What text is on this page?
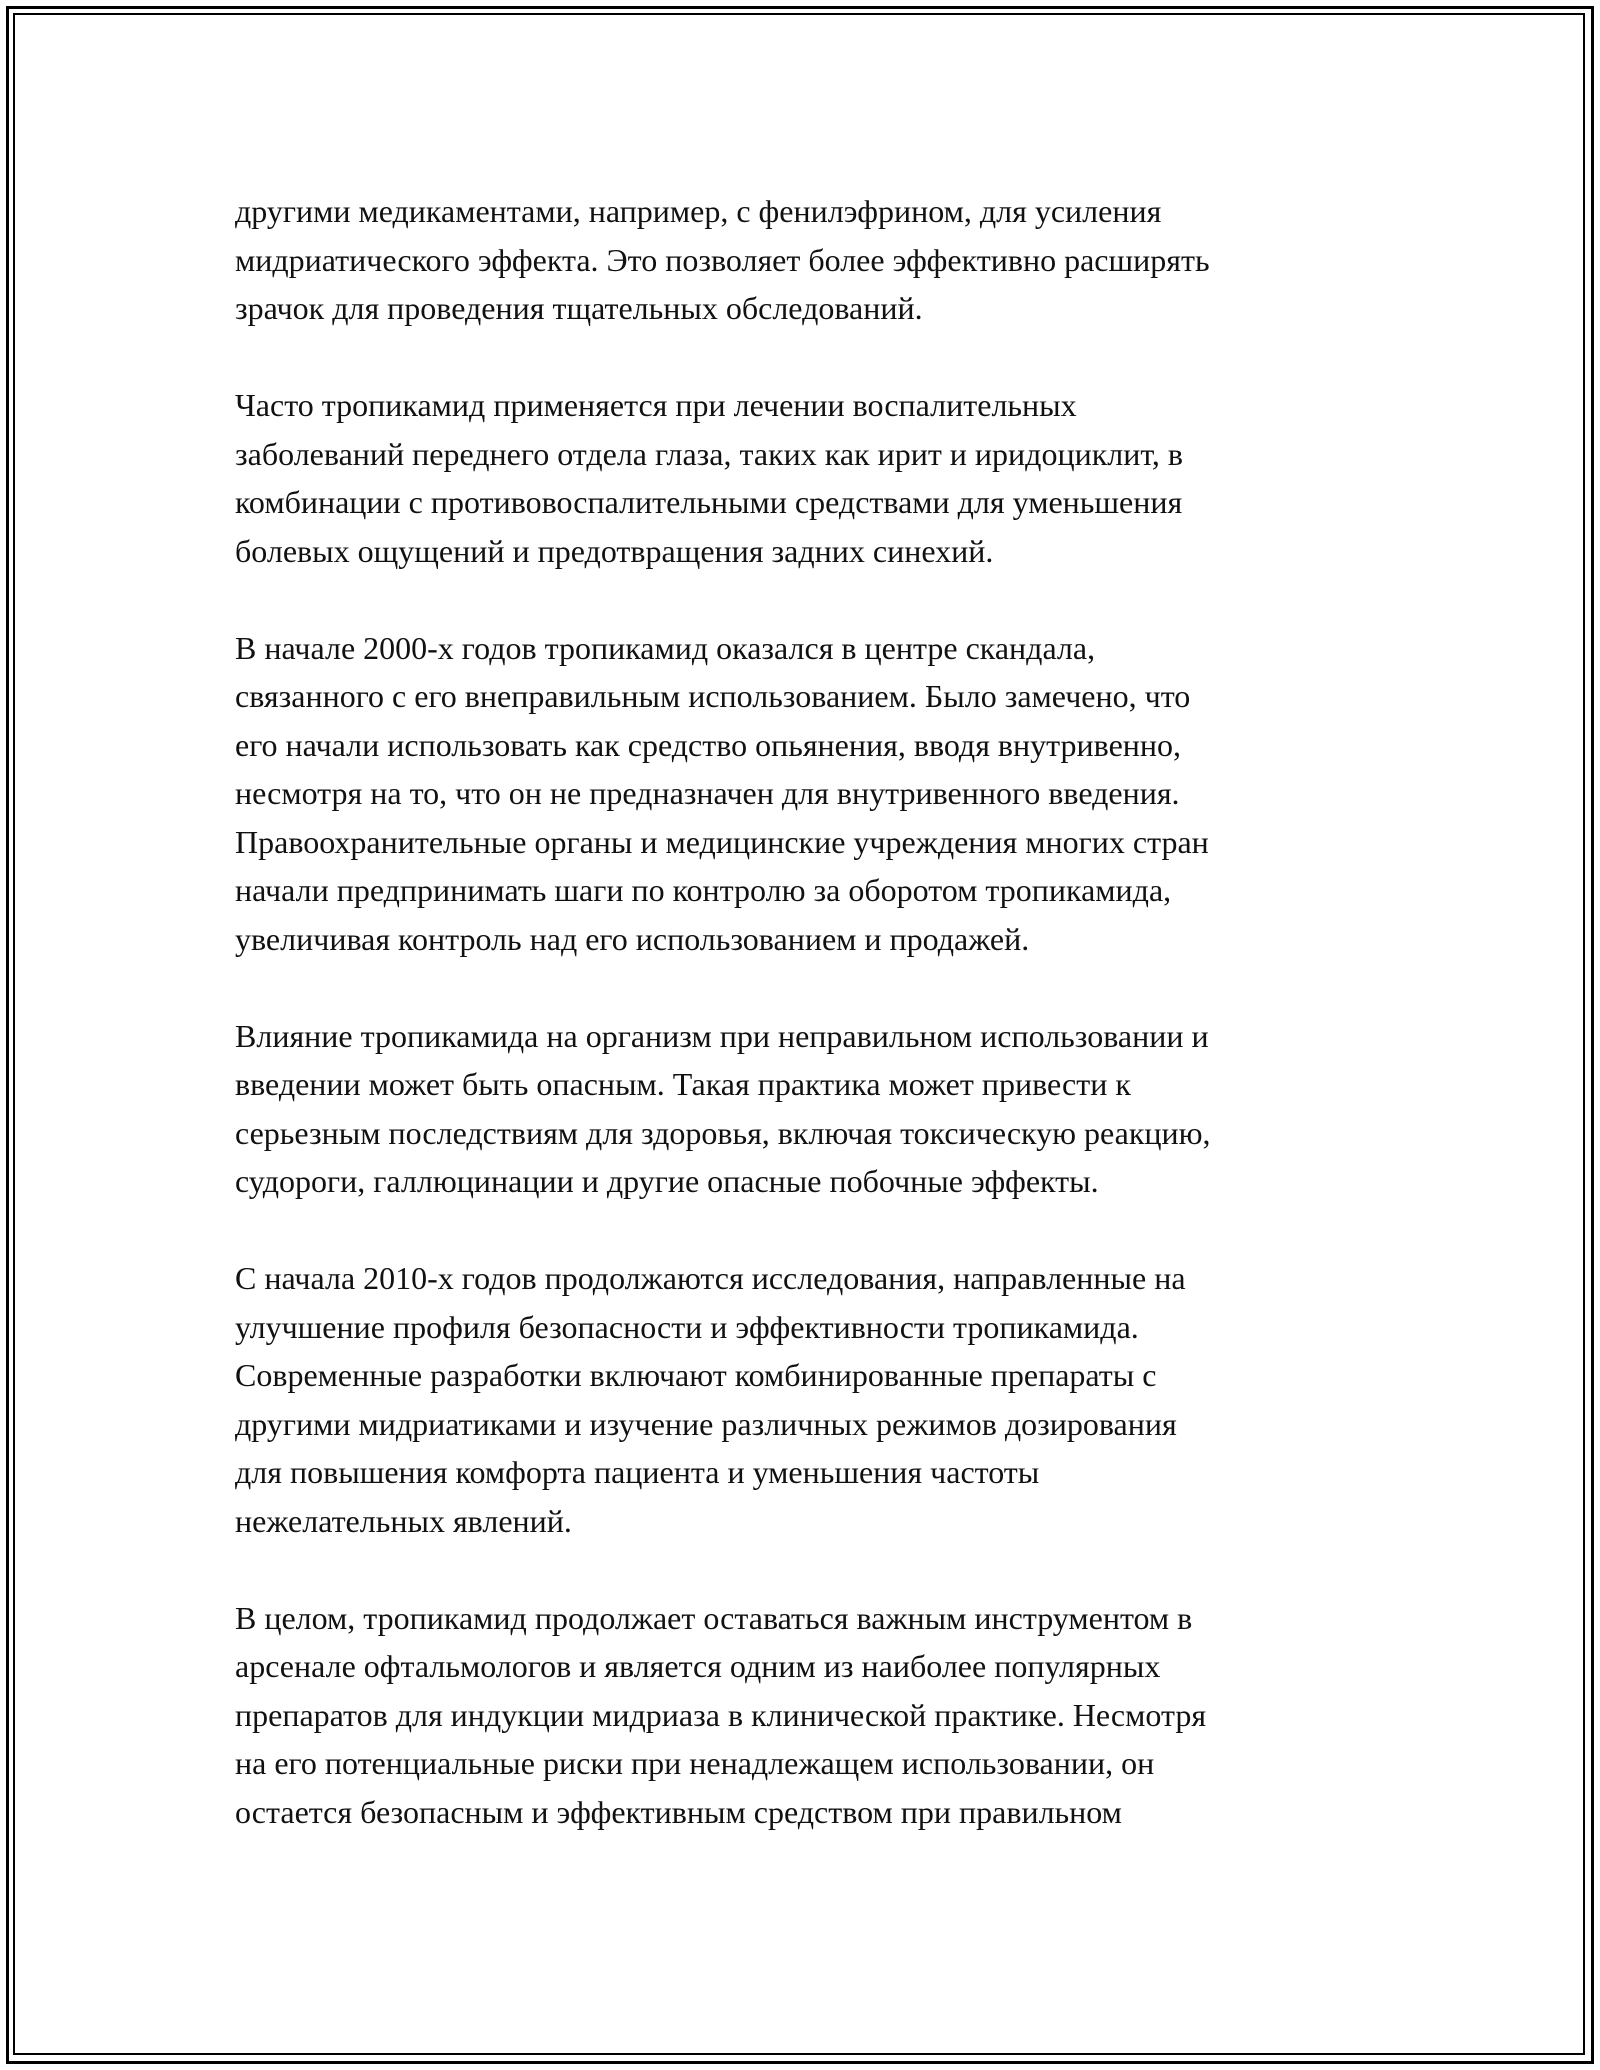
другими медикаментами, например, с фенилэфрином, для усиления
мидриатического эффекта. Это позволяет более эффективно расширять
зрачок для проведения тщательных обследований.

Часто тропикамид применяется при лечении воспалительных
заболеваний переднего отдела глаза, таких как ирит и иридоциклит, в
комбинации с противовоспалительными средствами для уменьшения
болевых ощущений и предотвращения задних синехий.

В начале 2000-х годов тропикамид оказался в центре скандала,
связанного с его внеправильным использованием. Было замечено, что
его начали использовать как средство опьянения, вводя внутривенно,
несмотря на то, что он не предназначен для внутривенного введения.
Правоохранительные органы и медицинские учреждения многих стран
начали предпринимать шаги по контролю за оборотом тропикамида,
увеличивая контроль над его использованием и продажей.

Влияние тропикамида на организм при неправильном использовании и
введении может быть опасным. Такая практика может привести к
серьезным последствиям для здоровья, включая токсическую реакцию,
судороги, галлюцинации и другие опасные побочные эффекты.

С начала 2010-х годов продолжаются исследования, направленные на
улучшение профиля безопасности и эффективности тропикамида.
Современные разработки включают комбинированные препараты с
другими мидриатиками и изучение различных режимов дозирования
для повышения комфорта пациента и уменьшения частоты
нежелательных явлений.

В целом, тропикамид продолжает оставаться важным инструментом в
арсенале офтальмологов и является одним из наиболее популярных
препаратов для индукции мидриаза в клинической практике. Несмотря
на его потенциальные риски при ненадлежащем использовании, он
остается безопасным и эффективным средством при правильном
